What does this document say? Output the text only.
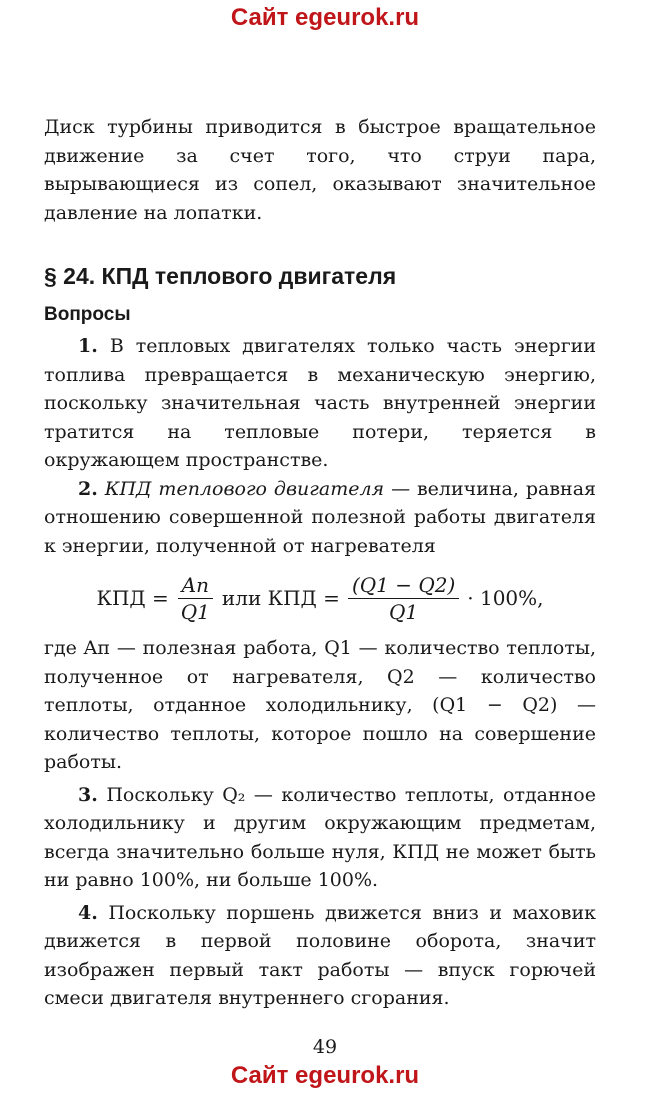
Сайт egeurok.ru

Диск турбины приводится в быстрое вращательное движение за счет того, что струи пара, вырывающиеся из сопел, оказывают значительное давление на лопатки.

§ 24. КПД теплового двигателя
Вопросы

1. В тепловых двигателях только часть энергии топлива превращается в механическую энергию, поскольку значительная часть внутренней энергии тратится на тепловые потери, теряется в окружающем пространстве.

2. КПД теплового двигателя — величина, равная отношению совершенной полезной работы двигателя к энергии, полученной от нагревателя

КПД = $\frac{Aп}{Q1}$ или КПД = $\frac{(Q1 - Q2)}{Q1} \cdot 100\%$,

где Aп — полезная работа, Q1 — количество теплоты, полученное от нагревателя, Q2 — количество теплоты, отданное холодильнику, (Q1 − Q2) — количество теплоты, которое пошло на совершение работы.

3. Поскольку Q₂ — количество теплоты, отданное холодильнику и другим окружающим предметам, всегда значительно больше нуля, КПД не может быть ни равно 100%, ни больше 100%.

4. Поскольку поршень движется вниз и маховик движется в первой половине оборота, значит изображен первый такт работы — впуск горючей смеси двигателя внутреннего сгорания.

49
Сайт egeurok.ru
